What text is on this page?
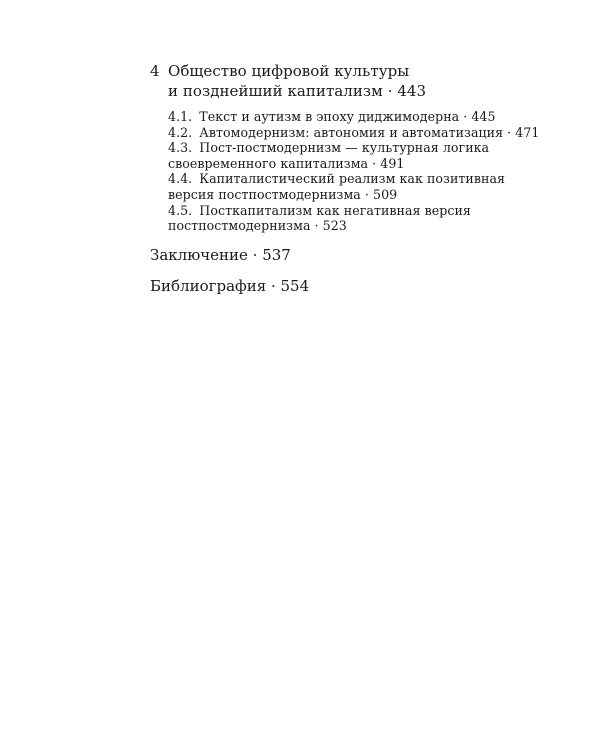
4 Общество цифровой культуры
и позднейший капитализм · 443
4.1. Текст и аутизм в эпоху диджимодерна · 445
4.2. Автомодернизм: автономия и автоматизация · 471
4.3. Пост-постмодернизм — культурная логика
своевременного капитализма · 491
4.4. Капиталистический реализм как позитивная
версия постпостмодернизма · 509
4.5. Посткапитализм как негативная версия
постпостмодернизма · 523
Заключение · 537
Библиография · 554
